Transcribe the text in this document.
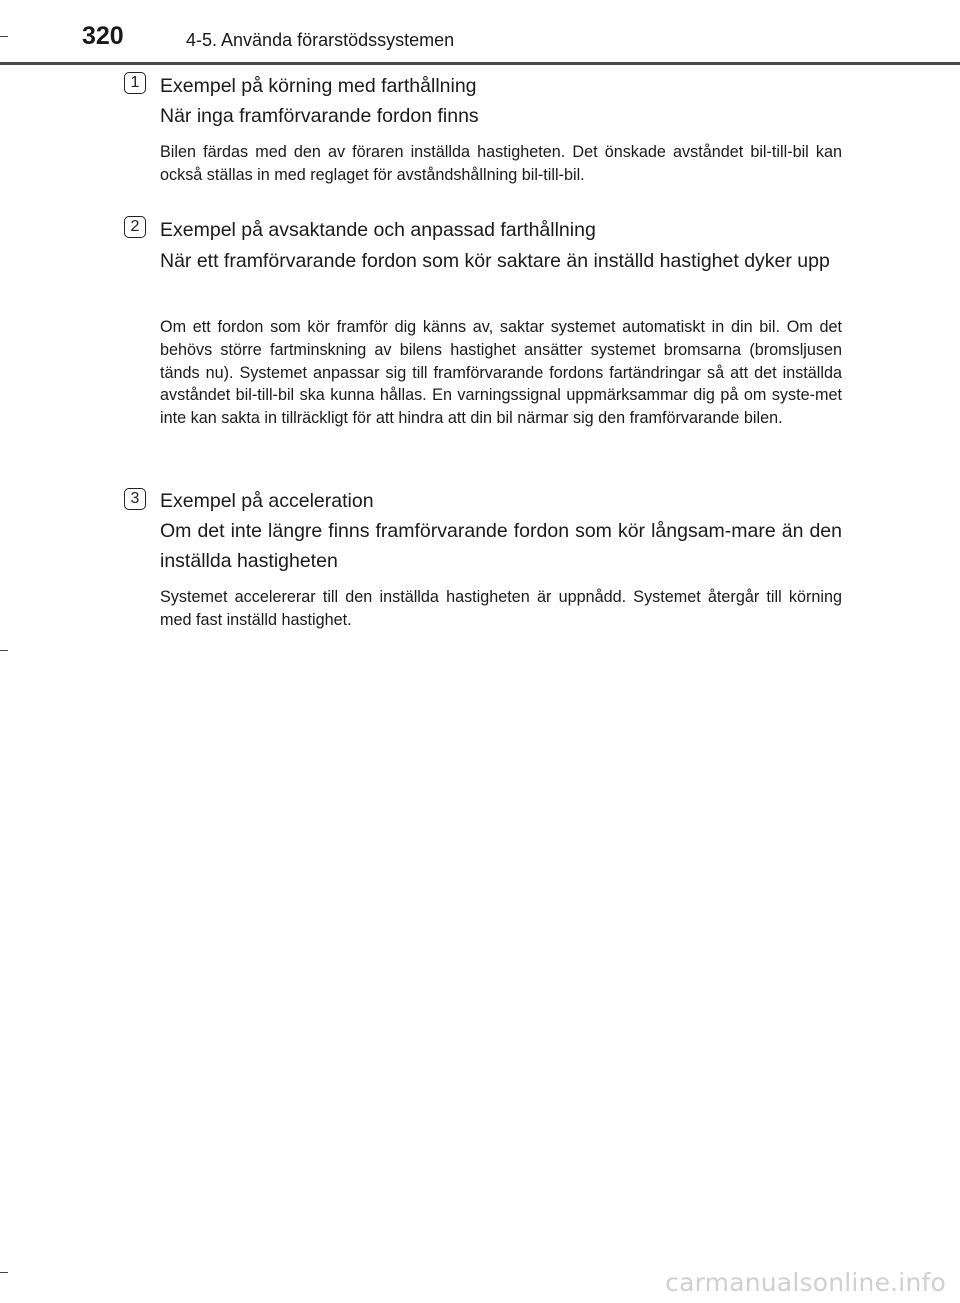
320	4-5. Använda förarstödssystemen
1	Exempel på körning med farthållning
När inga framförvarande fordon finns
Bilen färdas med den av föraren inställda hastigheten. Det önskade avståndet bil-till-bil kan också ställas in med reglaget för avståndshållning bil-till-bil.
2	Exempel på avsaktande och anpassad farthållning
När ett framförvarande fordon som kör saktare än inställd hastighet dyker upp
Om ett fordon som kör framför dig känns av, saktar systemet automatiskt in din bil. Om det behövs större fartminskning av bilens hastighet ansätter systemet bromsarna (bromsljusen tänds nu). Systemet anpassar sig till framförvarande fordons fartändringar så att det inställda avståndet bil-till-bil ska kunna hållas. En varningssignal uppmärksammar dig på om syste-met inte kan sakta in tillräckligt för att hindra att din bil närmar sig den framförvarande bilen.
3	Exempel på acceleration
Om det inte längre finns framförvarande fordon som kör långsam-mare än den inställda hastigheten
Systemet accelererar till den inställda hastigheten är uppnådd. Systemet återgår till körning med fast inställd hastighet.
carmanualsonline.info
